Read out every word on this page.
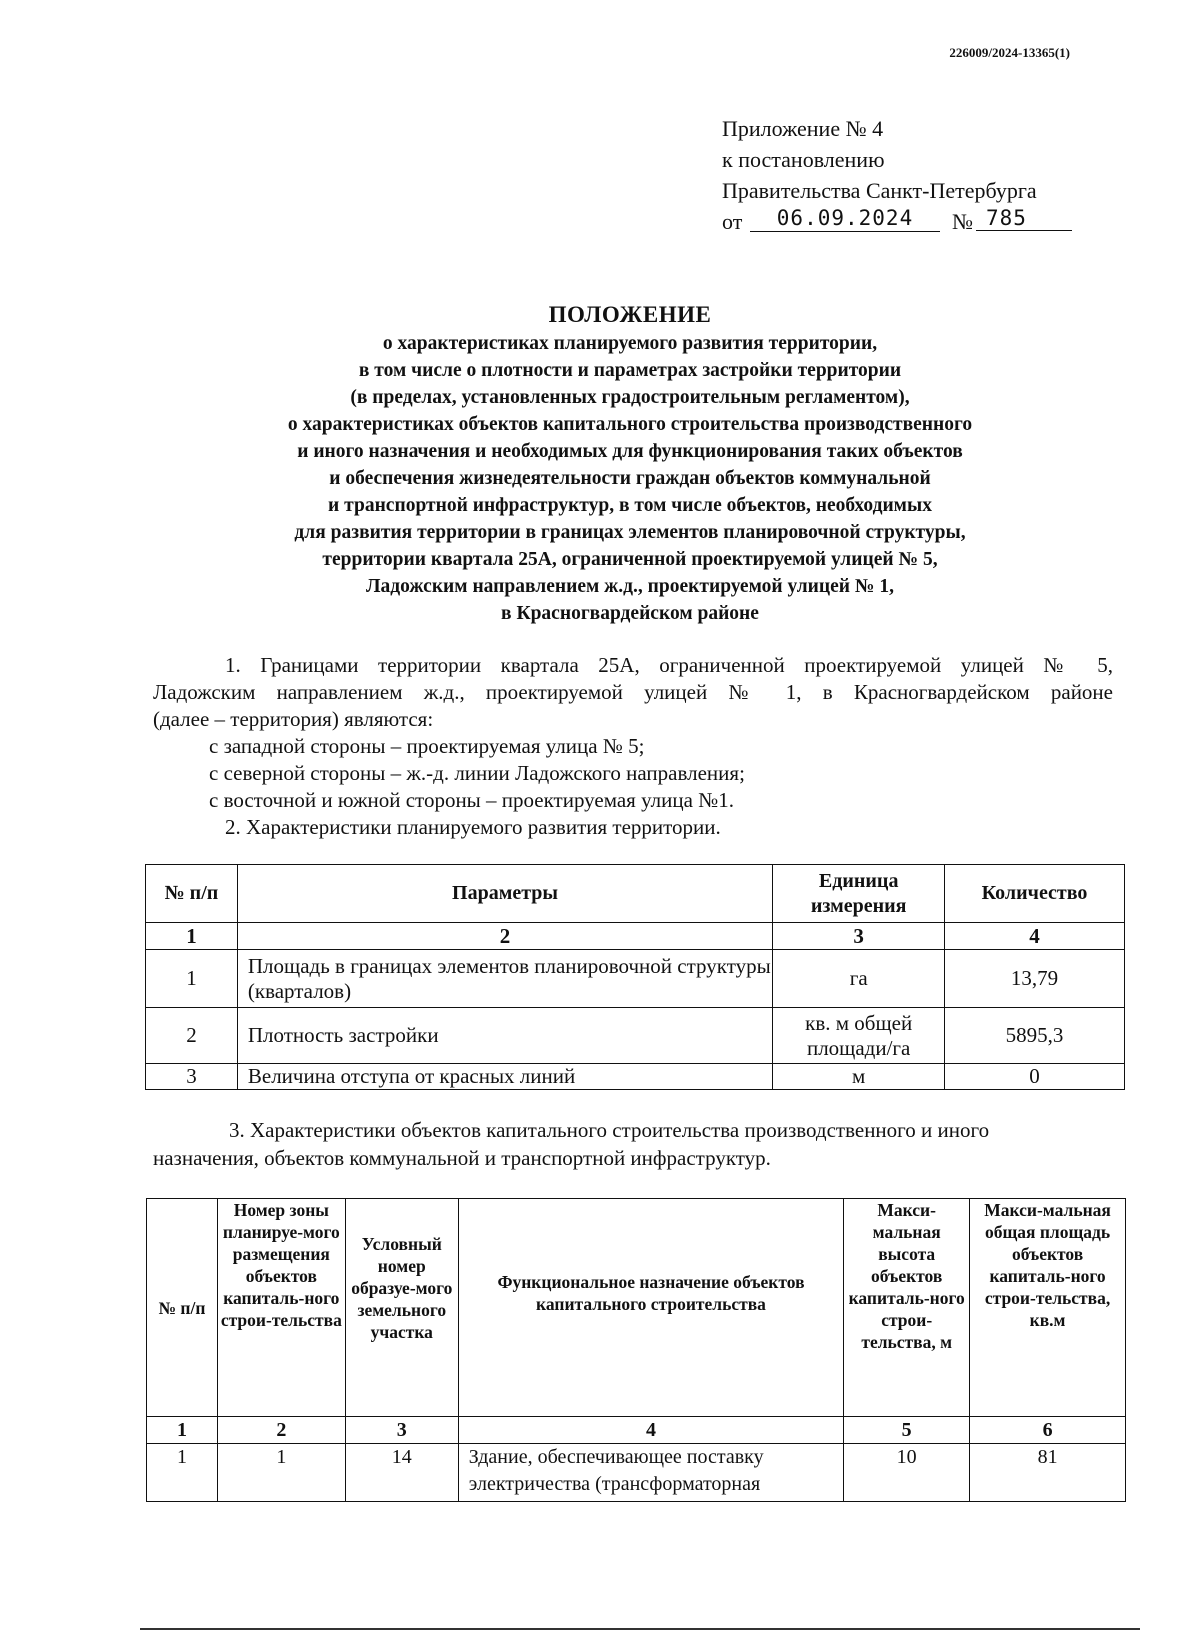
226009/2024-13365(1)
Приложение № 4
к постановлению
Правительства Санкт-Петербурга
от	06.09.2024	№ 785
ПОЛОЖЕНИЕ
о характеристиках планируемого развития территории,
в том числе о плотности и параметрах застройки территории
(в пределах, установленных градостроительным регламентом),
о характеристиках объектов капитального строительства производственного
и иного назначения и необходимых для функционирования таких объектов
и обеспечения жизнедеятельности граждан объектов коммунальной
и транспортной инфраструктур, в том числе объектов, необходимых
для развития территории в границах элементов планировочной структуры,
территории квартала 25А, ограниченной проектируемой улицей № 5,
Ладожским направлением ж.д., проектируемой улицей № 1,
в Красногвардейском районе

1. Границами территории квартала 25А, ограниченной проектируемой улицей № 5,

Ладожским направлением ж.д., проектируемой улицей № 1, в Красногвардейском районе

(далее – территория) являются:

с западной стороны – проектируемая улица № 5;

с северной стороны – ж.-д. линии Ладожского направления;

с восточной и южной стороны – проектируемая улица №1.

2. Характеристики планируемого развития территории.

№ п/п	Параметры	Единица измерения	Количество
1	2	3	4
1	Площадь в границах элементов планировочной структуры (кварталов)	га	13,79
2	Плотность застройки	кв. м общей площади/га	5895,3
3	Величина отступа от красных линий	м	0

3. Характеристики объектов капитального строительства производственного и иного

назначения, объектов коммунальной и транспортной инфраструктур.

№ п/п	Номер зоны планируе-мого размещения объектов капиталь-ного строи-тельства	Условный номер образуе-мого земельного участка	Функциональное назначение объектов капитального строительства	Макси-мальная высота объектов капиталь-ного строи-тельства, м	Макси-мальная общая площадь объектов капиталь-ного строи-тельства, кв.м
1	2	3	4	5	6
1	1	14	Здание, обеспечивающее поставку электричества (трансформаторная	10	81
